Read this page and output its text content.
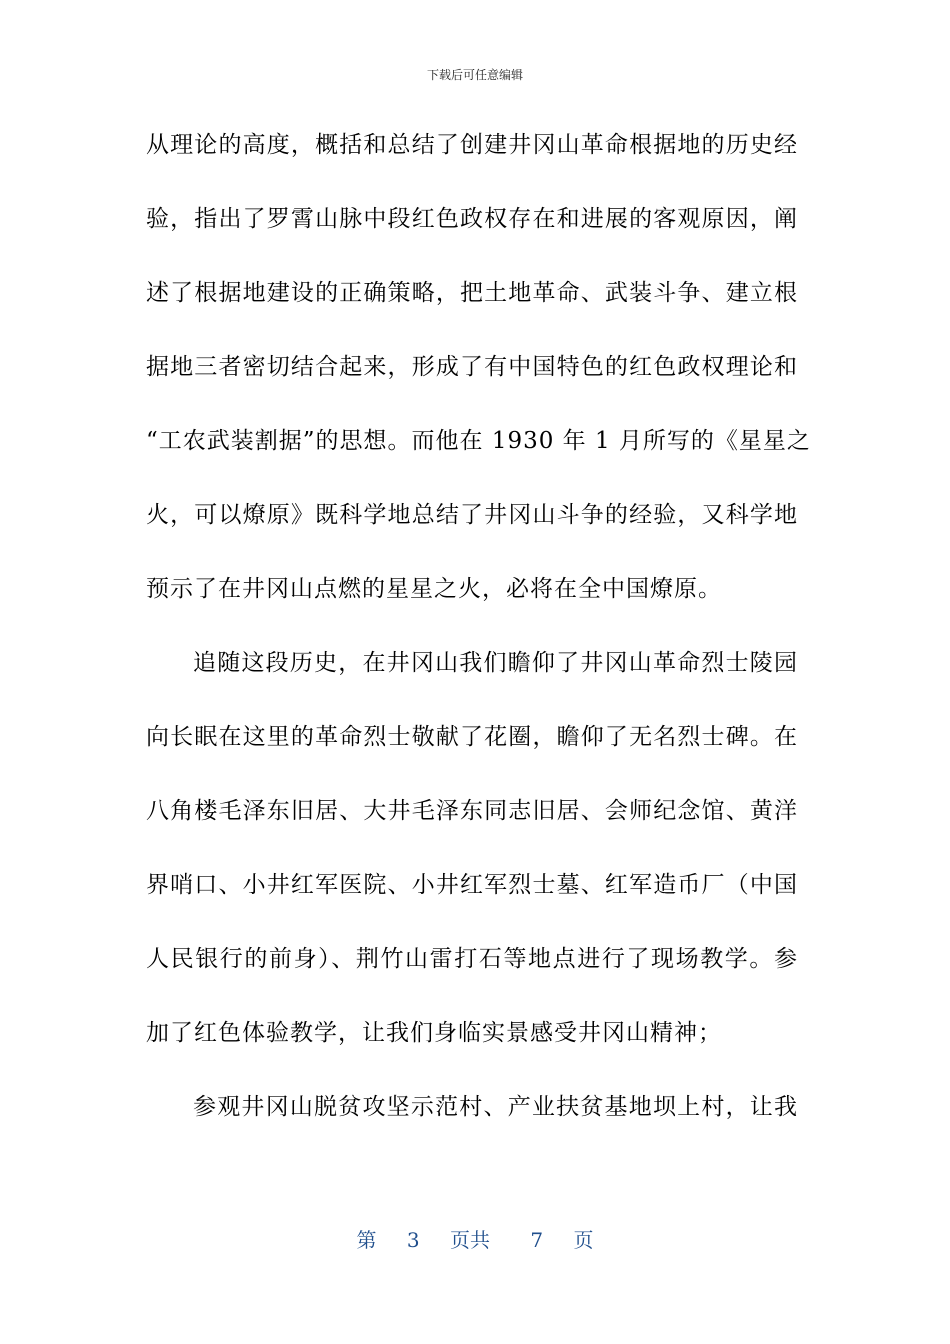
下载后可任意编辑
从理论的高度，概括和总结了创建井冈山革命根据地的历史经
验，指出了罗霄山脉中段红色政权存在和进展的客观原因，阐
述了根据地建设的正确策略，把土地革命、武装斗争、建立根
据地三者密切结合起来，形成了有中国特色的红色政权理论和
“工农武装割据”的思想。而他在 1930 年 1 月所写的《星星之
火，可以燎原》既科学地总结了井冈山斗争的经验，又科学地
预示了在井冈山点燃的星星之火，必将在全中国燎原。
追随这段历史，在井冈山我们瞻仰了井冈山革命烈士陵园
向长眠在这里的革命烈士敬献了花圈，瞻仰了无名烈士碑。在
八角楼毛泽东旧居、大井毛泽东同志旧居、会师纪念馆、黄洋
界哨口、小井红军医院、小井红军烈士墓、红军造币厂（中国
人民银行的前身）、荆竹山雷打石等地点进行了现场教学。参
加了红色体验教学，让我们身临实景感受井冈山精神；
参观井冈山脱贫攻坚示范村、产业扶贫基地坝上村，让我
第 3 页共 7 页
